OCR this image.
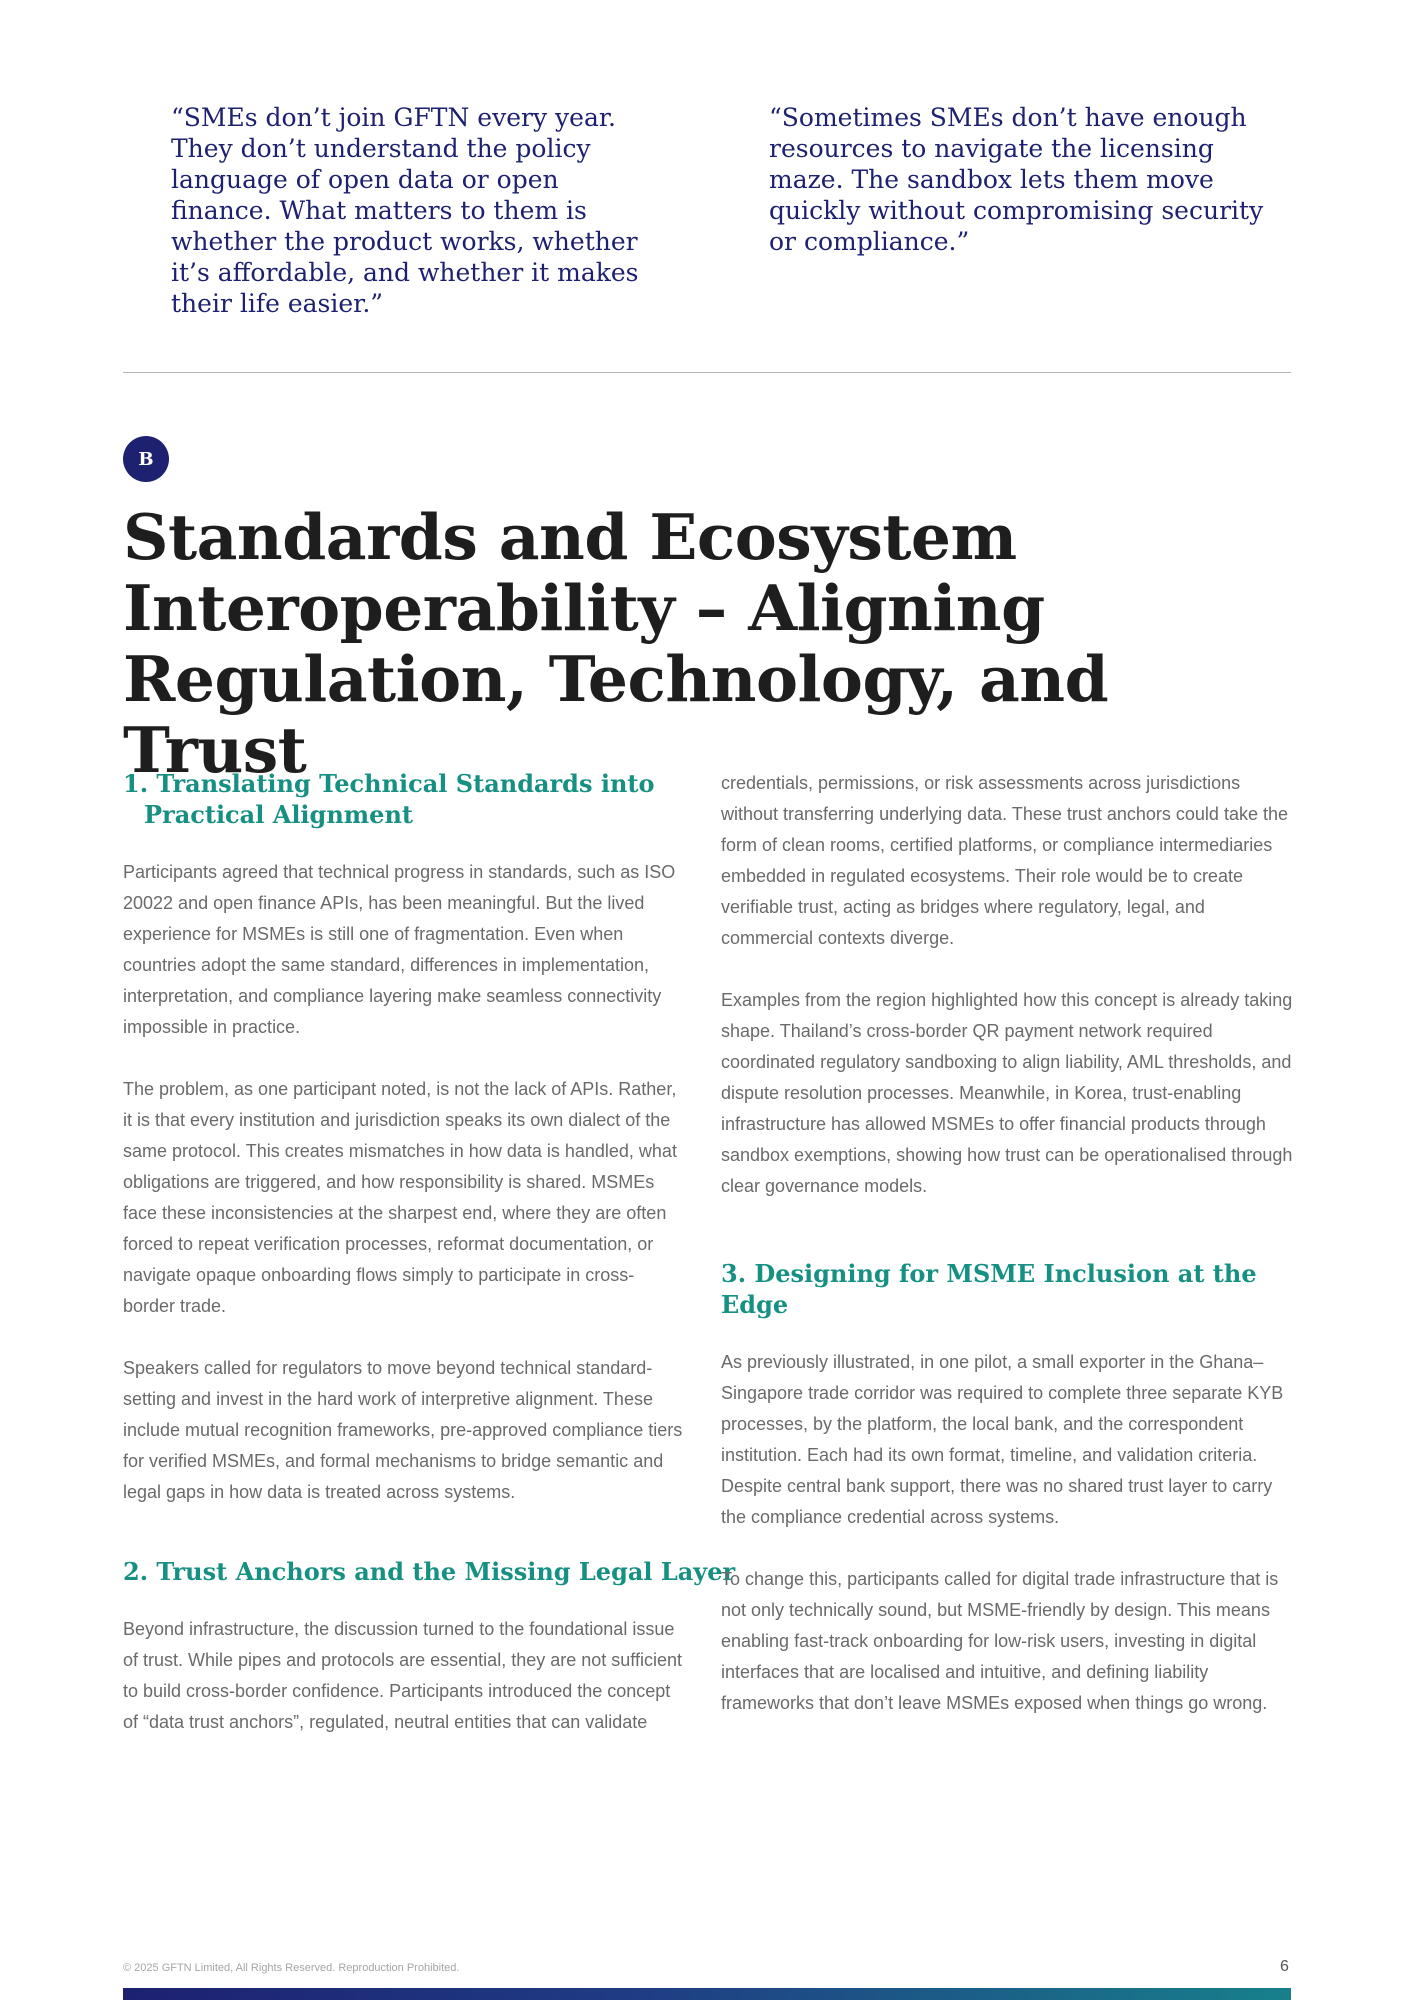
“SMEs don’t join GFTN every year. They don’t understand the policy language of open data or open finance. What matters to them is whether the product works, whether it’s affordable, and whether it makes their life easier.”

“Sometimes SMEs don’t have enough resources to navigate the licensing maze. The sandbox lets them move quickly without compromising security or compliance.”

B
Standards and Ecosystem Interoperability – Aligning Regulation, Technology, and Trust
1. Translating Technical Standards into Practical Alignment

Participants agreed that technical progress in standards, such as ISO 20022 and open finance APIs, has been meaningful. But the lived experience for MSMEs is still one of fragmentation. Even when countries adopt the same standard, differences in implementation, interpretation, and compliance layering make seamless connectivity impossible in practice.

The problem, as one participant noted, is not the lack of APIs. Rather, it is that every institution and jurisdiction speaks its own dialect of the same protocol. This creates mismatches in how data is handled, what obligations are triggered, and how responsibility is shared. MSMEs face these inconsistencies at the sharpest end, where they are often forced to repeat verification processes, reformat documentation, or navigate opaque onboarding flows simply to participate in cross-border trade.

Speakers called for regulators to move beyond technical standard-setting and invest in the hard work of interpretive alignment. These include mutual recognition frameworks, pre-approved compliance tiers for verified MSMEs, and formal mechanisms to bridge semantic and legal gaps in how data is treated across systems.

2. Trust Anchors and the Missing Legal Layer

Beyond infrastructure, the discussion turned to the foundational issue of trust. While pipes and protocols are essential, they are not sufficient to build cross-border confidence. Participants introduced the concept of “data trust anchors”, regulated, neutral entities that can validate

credentials, permissions, or risk assessments across jurisdictions without transferring underlying data. These trust anchors could take the form of clean rooms, certified platforms, or compliance intermediaries embedded in regulated ecosystems. Their role would be to create verifiable trust, acting as bridges where regulatory, legal, and commercial contexts diverge.

Examples from the region highlighted how this concept is already taking shape. Thailand’s cross-border QR payment network required coordinated regulatory sandboxing to align liability, AML thresholds, and dispute resolution processes. Meanwhile, in Korea, trust-enabling infrastructure has allowed MSMEs to offer financial products through sandbox exemptions, showing how trust can be operationalised through clear governance models.

3. Designing for MSME Inclusion at the Edge

As previously illustrated, in one pilot, a small exporter in the Ghana–Singapore trade corridor was required to complete three separate KYB processes, by the platform, the local bank, and the correspondent institution. Each had its own format, timeline, and validation criteria. Despite central bank support, there was no shared trust layer to carry the compliance credential across systems.

To change this, participants called for digital trade infrastructure that is not only technically sound, but MSME-friendly by design. This means enabling fast-track onboarding for low-risk users, investing in digital interfaces that are localised and intuitive, and defining liability frameworks that don’t leave MSMEs exposed when things go wrong.

© 2025 GFTN Limited, All Rights Reserved. Reproduction Prohibited.	6
